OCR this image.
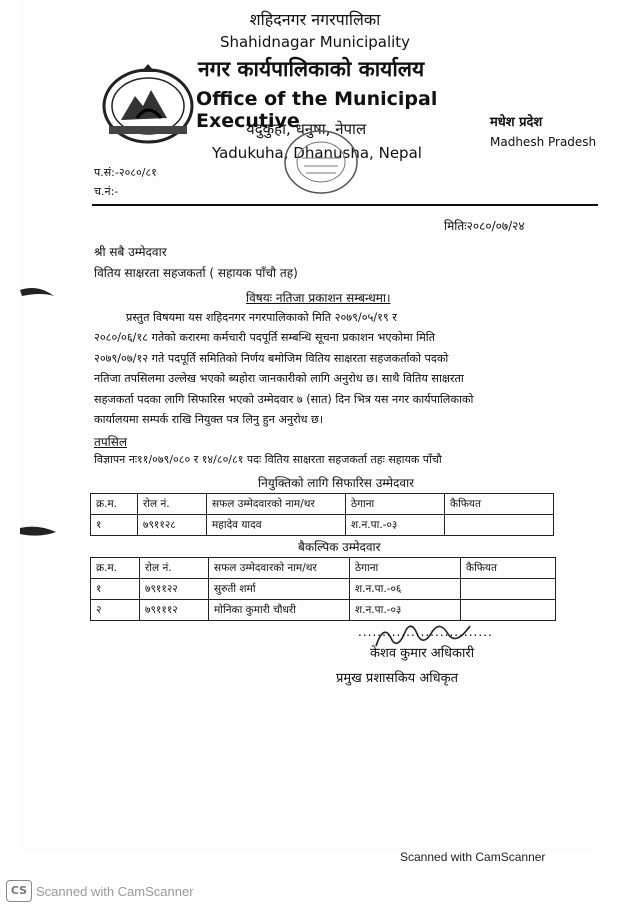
शहिदनगर नगरपालिका
Shahidnagar Municipality
नगर कार्यपालिकाको कार्यालय
Office of the Municipal Executive
यदुकुहा, धनुषा, नेपाल
Yadukuha, Dhanusha, Nepal
मधेश प्रदेश
Madhesh Pradesh
प.सं:-२०८०/८१
च.नं:-
मितिः२०८०/०७/२४
श्री सबै उम्मेदवार
वितिय साक्षरता सहजकर्ता ( सहायक पाँचौ तह)
विषयः नतिजा प्रकाशन सम्बन्धमा।
प्रस्तुत विषयमा यस शहिदनगर नगरपालिकाको मिति २०७९/०५/१९ र
२०८०/०६/१८ गतेको करारमा कर्मचारी पदपूर्ति सम्बन्धि सूचना प्रकाशन भएकोमा मिति
२०७९/०७/१२ गते पदपूर्ति समितिको निर्णय बमोजिम वितिय साक्षरता सहजकर्ताको पदको
नतिजा तपसिलमा उल्लेख भएको ब्यहोरा जानकारीको लागि अनुरोध छ। साथै वितिय साक्षरता
सहजकर्ता पदका लागि सिफारिस भएको उम्मेदवार ७ (सात) दिन भित्र यस नगर कार्यपालिकाको
कार्यालयमा सम्पर्क राखि नियुक्त पत्र लिनु हुन अनुरोध छ।
तपसिल
विज्ञापन नः११/०७९/०८० र १४/८०/८१ पदः वितिय साक्षरता सहजकर्ता तहः सहायक पाँचौ
नियुक्तिको लागि सिफारिस उम्मेदवार
क्र.म.	रोल नं.	सफल उम्मेदवारको नाम/थर	ठेगाना	कैफियत
१	७९११२८	महादेव यादव	श.न.पा.-०३	
बैकल्पिक उम्मेदवार
क्र.म.	रोल नं.	सफल उम्मेदवारको नाम/थर	ठेगाना	कैफियत
१	७९११२२	सुरुती शर्मा	श.न.पा.-०६	
२	७९१११२	मोनिका कुमारी चौधरी	श.न.पा.-०३	
............................
केशव कुमार अधिकारी
प्रमुख प्रशासकिय अधिकृत
Scanned with CamScanner
CS Scanned with CamScanner
